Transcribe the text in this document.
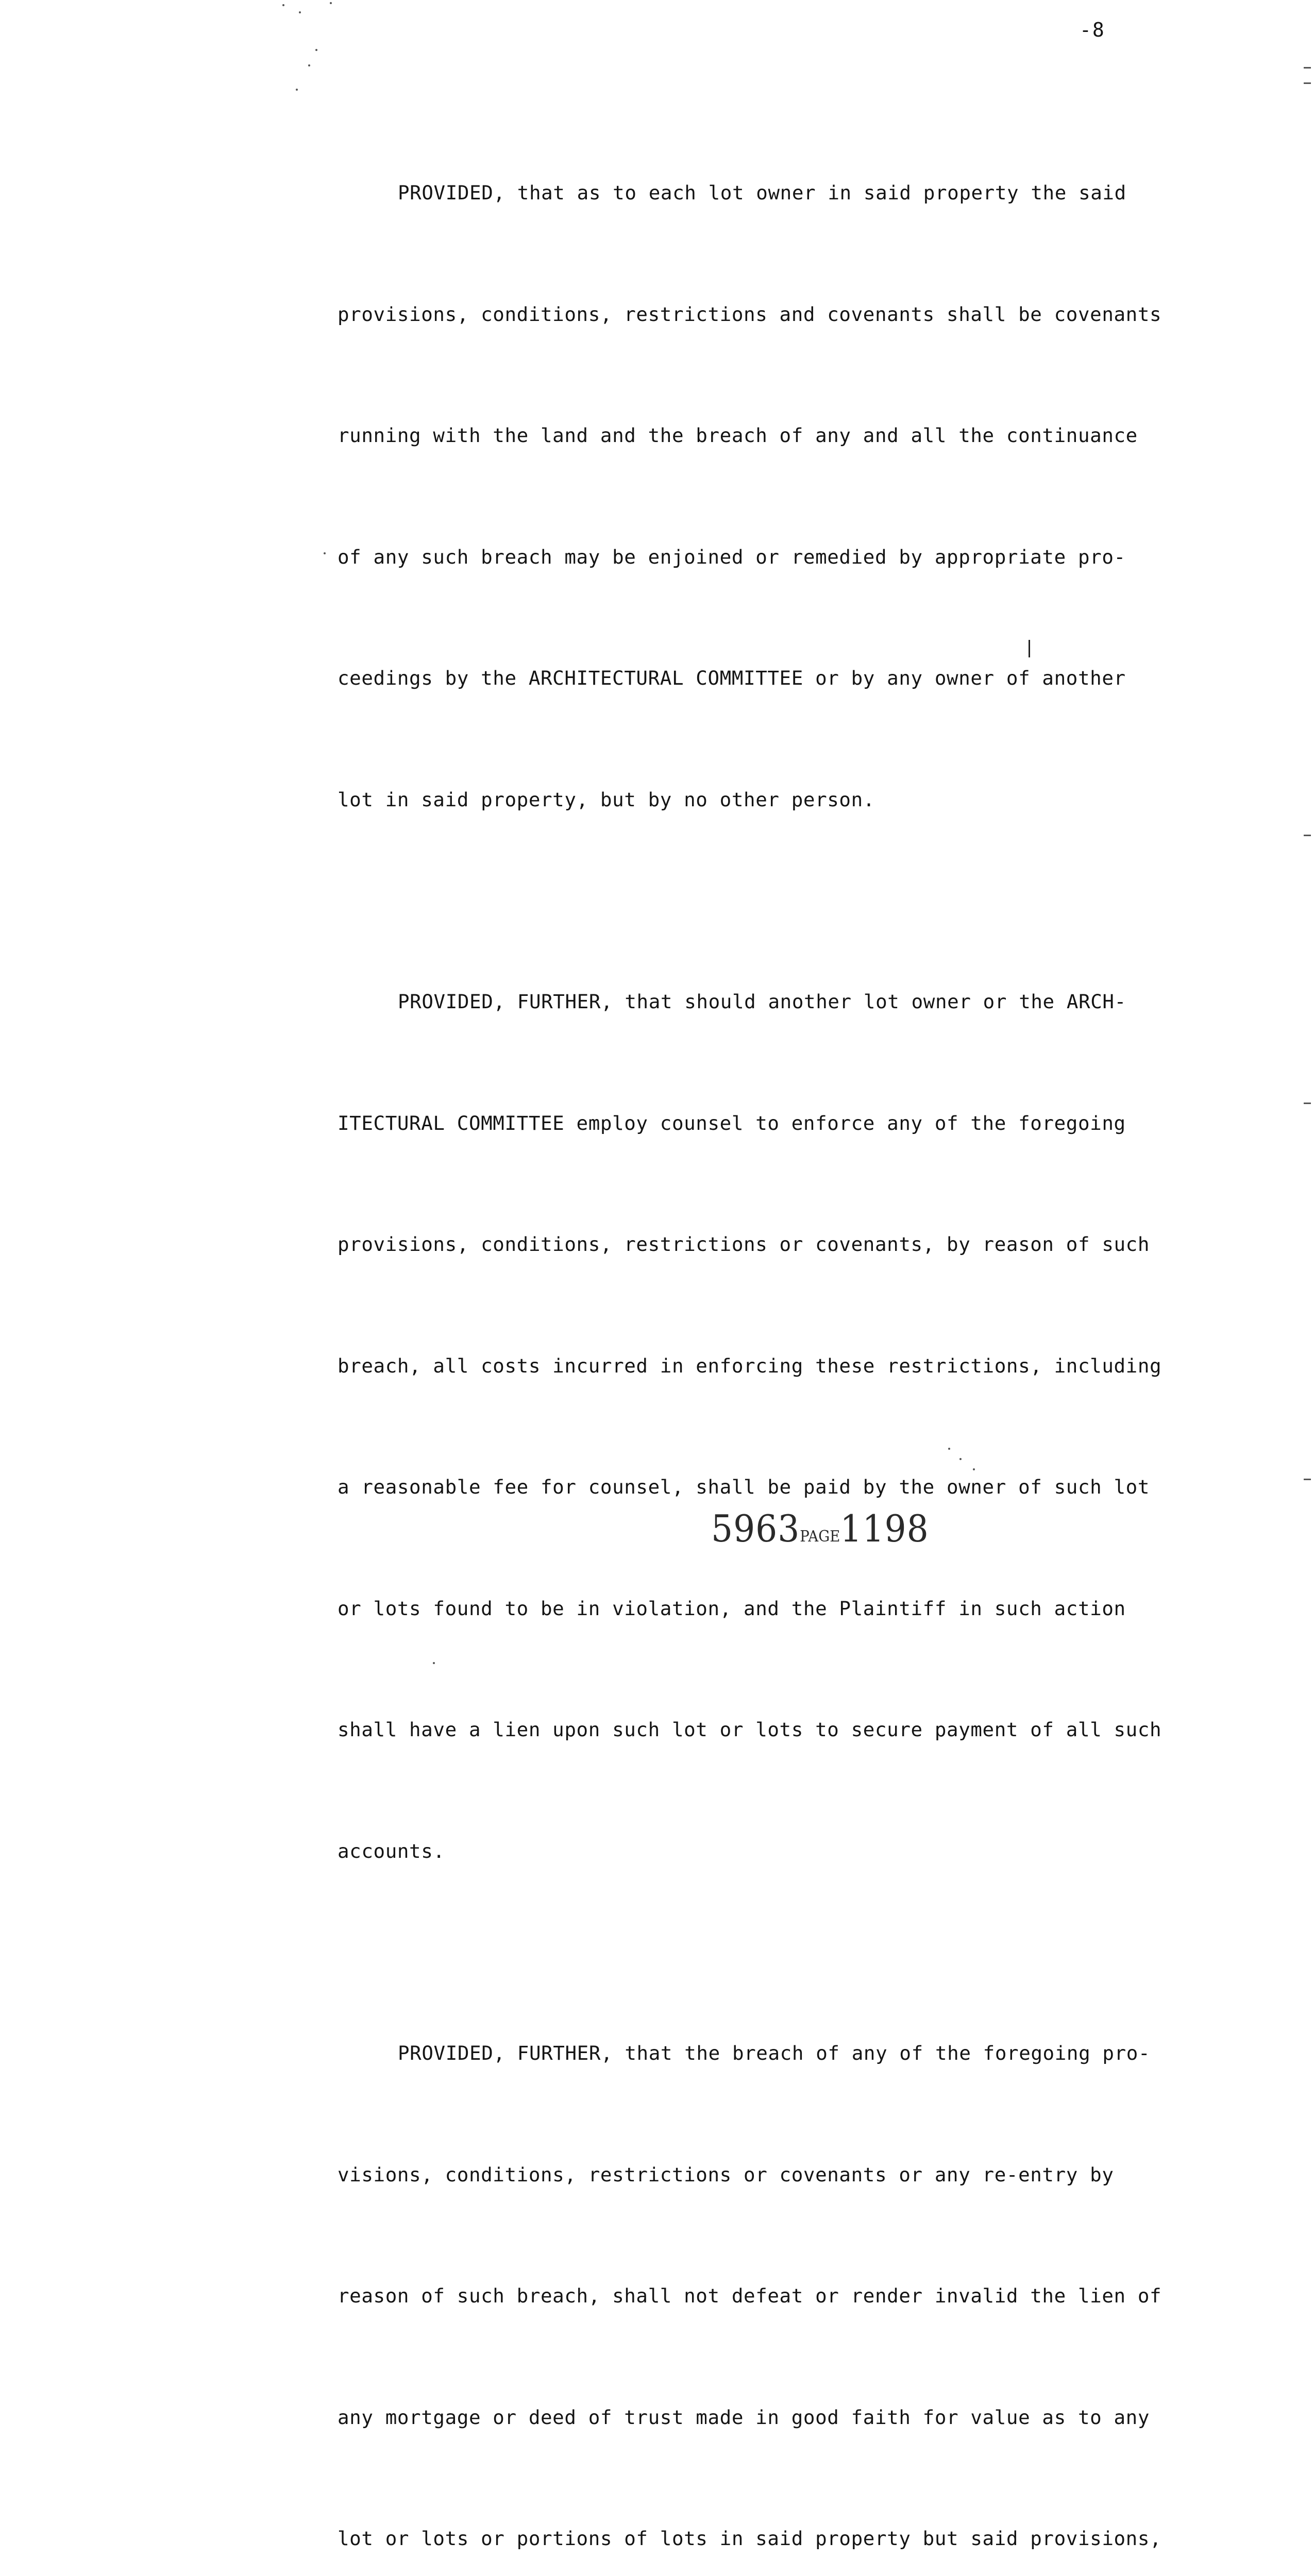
-8

PROVIDED, that as to each lot owner in said property the said

provisions, conditions, restrictions and covenants shall be covenants

running with the land and the breach of any and all the continuance

of any such breach may be enjoined or remedied by appropriate pro-

ceedings by the ARCHITECTURAL COMMITTEE or by any owner of another

lot in said property, but by no other person.

PROVIDED, FURTHER, that should another lot owner or the ARCH-

ITECTURAL COMMITTEE employ counsel to enforce any of the foregoing

provisions, conditions, restrictions or covenants, by reason of such

breach, all costs incurred in enforcing these restrictions, including

a reasonable fee for counsel, shall be paid by the owner of such lot

or lots found to be in violation, and the Plaintiff in such action

shall have a lien upon such lot or lots to secure payment of all such

accounts.

PROVIDED, FURTHER, that the breach of any of the foregoing pro-

visions, conditions, restrictions or covenants or any re-entry by

reason of such breach, shall not defeat or render invalid the lien of

any mortgage or deed of trust made in good faith for value as to any

lot or lots or portions of lots in said property but said provisions,

5963PAGE1198
